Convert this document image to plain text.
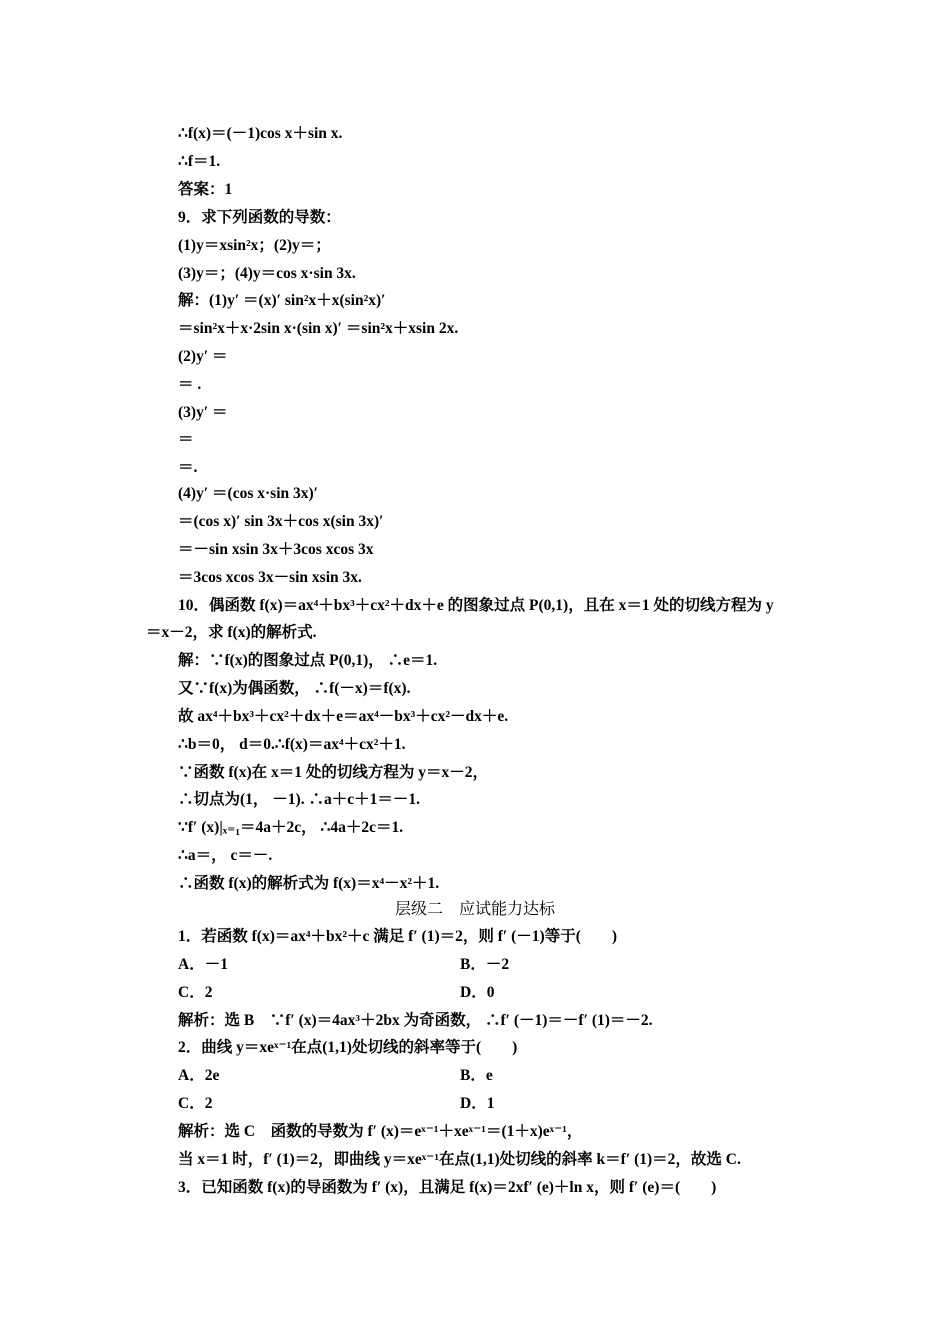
∴f(x)＝(－1)cos x＋sin x.
∴f＝1.
答案：1
9．求下列函数的导数：
(1)y＝xsin²x；(2)y＝；
(3)y＝；(4)y＝cos x·sin 3x.
解：(1)y′ ＝(x)′ sin²x＋x(sin²x)′
＝sin²x＋x·2sin x·(sin x)′ ＝sin²x＋xsin 2x.
(2)y′ ＝
＝ .
(3)y′ ＝
＝
＝.
(4)y′ ＝(cos x·sin 3x)′
＝(cos x)′ sin 3x＋cos x(sin 3x)′
＝－sin xsin 3x＋3cos xcos 3x
＝3cos xcos 3x－sin xsin 3x.
10．偶函数 f(x)＝ax⁴＋bx³＋cx²＋dx＋e 的图象过点 P(0,1)，且在 x＝1 处的切线方程为 y
＝x－2，求 f(x)的解析式.
解：∵f(x)的图象过点 P(0,1)， ∴e＝1.
又∵f(x)为偶函数， ∴f(－x)＝f(x).
故 ax⁴＋bx³＋cx²＋dx＋e＝ax⁴－bx³＋cx²－dx＋e.
∴b＝0， d＝0.∴f(x)＝ax⁴＋cx²＋1.
∵函数 f(x)在 x＝1 处的切线方程为 y＝x－2，
∴切点为(1， －1). ∴a＋c＋1＝－1.
∵f′ (x)|ₓ₌₁＝4a＋2c， ∴4a＋2c＝1.
∴a＝， c＝－.
∴函数 f(x)的解析式为 f(x)＝x⁴－x²＋1.
层级二　应试能力达标
1．若函数 f(x)＝ax⁴＋bx²＋c 满足 f′ (1)＝2，则 f′ (－1)等于(　　)
A．－1	B．－2
C．2	D．0
解析：选 B　∵f′ (x)＝4ax³＋2bx 为奇函数， ∴f′ (－1)＝－f′ (1)＝－2.
2．曲线 y＝xeˣ⁻¹在点(1,1)处切线的斜率等于(　　)
A．2e	B．e
C．2	D．1
解析：选 C　函数的导数为 f′ (x)＝eˣ⁻¹＋xeˣ⁻¹＝(1＋x)eˣ⁻¹，
当 x＝1 时，f′ (1)＝2，即曲线 y＝xeˣ⁻¹在点(1,1)处切线的斜率 k＝f′ (1)＝2，故选 C.
3．已知函数 f(x)的导函数为 f′ (x)，且满足 f(x)＝2xf′ (e)＋ln x，则 f′ (e)＝(　　)
